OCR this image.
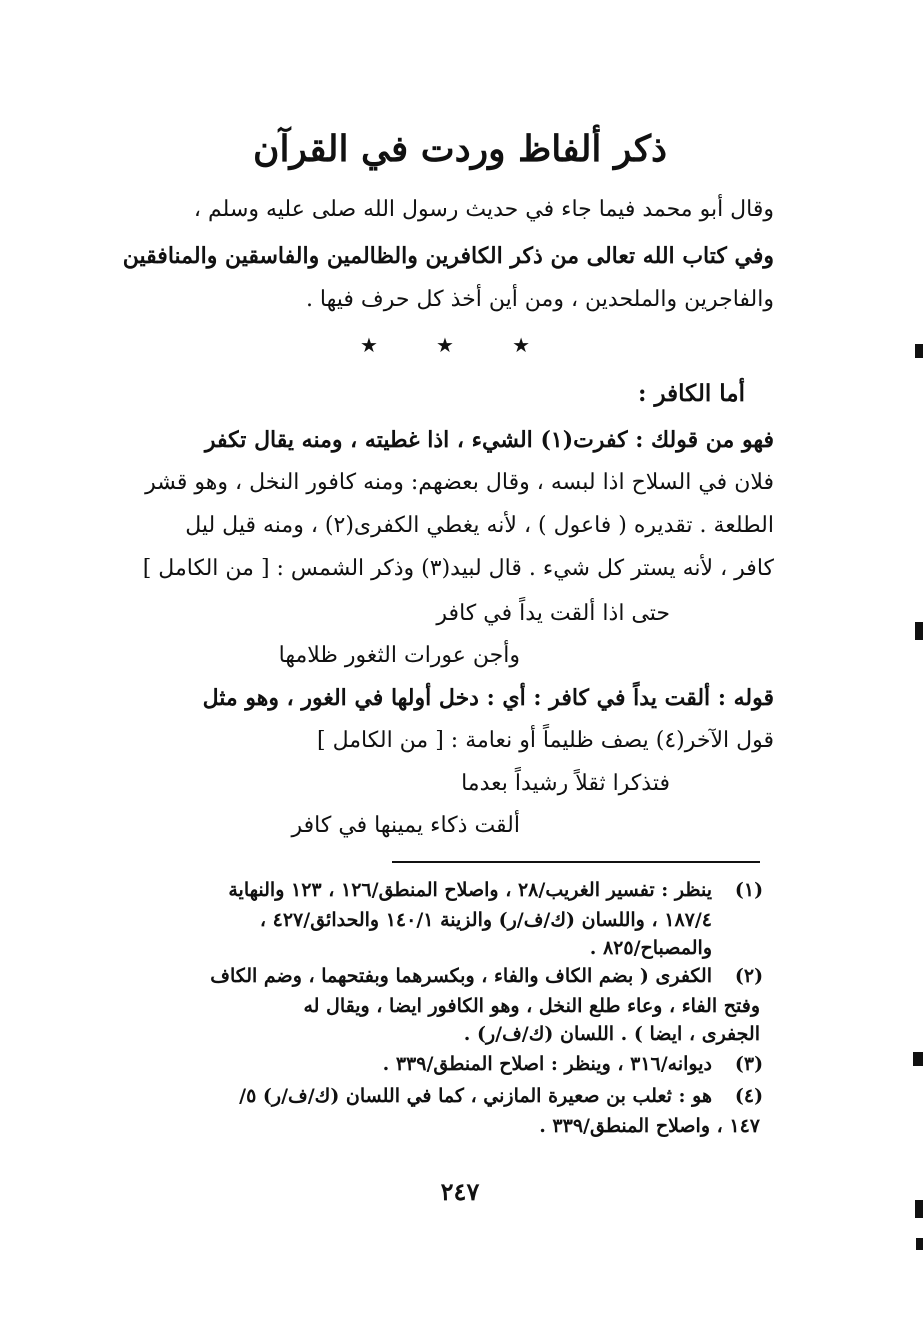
ذكر ألفاظ وردت في القرآن
وقال أبو محمد فيما جاء في حديث رسول الله صلى عليه وسلم ،
وفي كتاب الله تعالى من ذكر الكافرين والظالمين والفاسقين والمنافقين
والفاجرين والملحدين ، ومن أين أخذ كل حرف فيها .
★	★	★
أما الكافر :
فهو من قولك : كفرت(١) الشيء ، اذا غطيته ، ومنه يقال تكفر
فلان في السلاح اذا لبسه ، وقال بعضهم: ومنه كافور النخل ، وهو قشر
الطلعة . تقديره ( فاعول ) ، لأنه يغطي الكفرى(٢) ، ومنه قيل ليل
كافر ، لأنه يستر كل شيء . قال لبيد(٣) وذكر الشمس : [ من الكامل ]
حتى اذا ألقت يداً في كافر
وأجن عورات الثغور ظلامها
قوله : ألقت يداً في كافر : أي : دخل أولها في الغور ، وهو مثل
قول الآخر(٤) يصف ظليماً أو نعامة : [ من الكامل ]
فتذكرا ثقلاً رشيداً بعدما
ألقت ذكاء يمينها في كافر
(١)
ينظر : تفسير الغريب/٢٨ ، واصلاح المنطق/١٢٦ ، ١٢٣ والنهاية
١٨٧/٤ ، واللسان (ك/ف/ر) والزينة ١٤٠/١ والحدائق/٤٢٧ ،
والمصباح/٨٢٥ .
(٢)
الكفرى ( بضم الكاف والفاء ، وبكسرهما وبفتحهما ، وضم الكاف
وفتح الفاء ، وعاء طلع النخل ، وهو الكافور ايضا ، ويقال له
الجفرى ، ايضا ) . اللسان (ك/ف/ر) .
(٣)
ديوانه/٣١٦ ، وينظر : اصلاح المنطق/٣٣٩ .
(٤)
هو : ثعلب بن صعيرة المازني ، كما في اللسان (ك/ف/ر) ٥/
١٤٧ ، واصلاح المنطق/٣٣٩ .
٢٤٧
